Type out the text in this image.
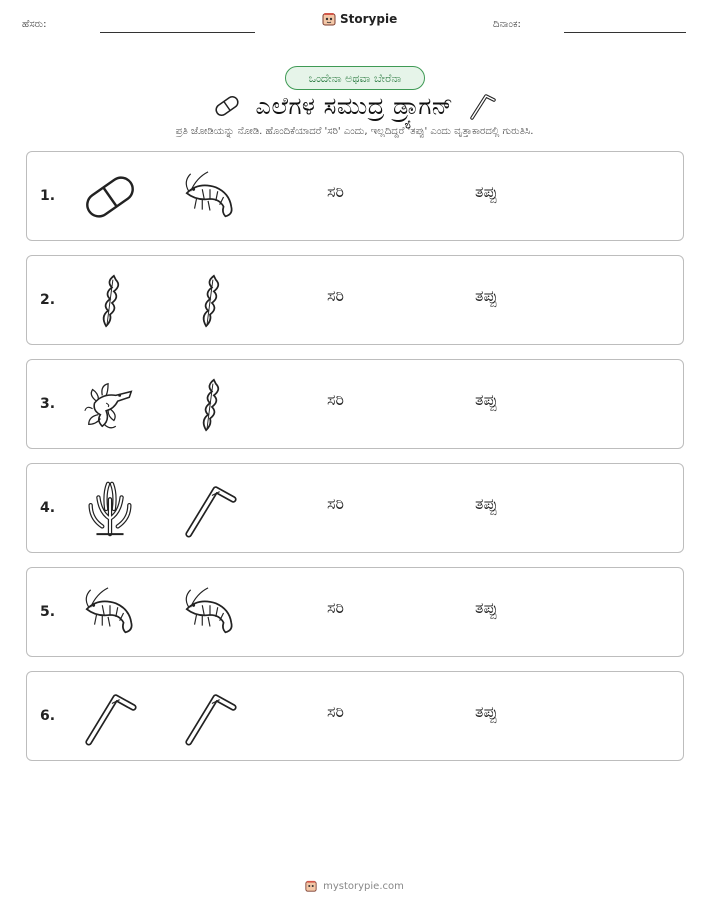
ಹೆಸರು:	Storypie	ದಿನಾಂಕ:
ಒಂದೇನಾ ಅಥವಾ ಬೇರೆನಾ
ಎಲೆಗಳ ಸಮುದ್ರ ಡ್ರ್ಯಾಗನ್
ಪ್ರತಿ ಜೋಡಿಯನ್ನು ನೋಡಿ. ಹೊಂದಿಕೆಯಾದರೆ 'ಸರಿ' ಎಂದು, ಇಲ್ಲದಿದ್ದರೆ 'ತಪ್ಪು' ಎಂದು ವೃತ್ತಾಕಾರದಲ್ಲಿ ಗುರುತಿಸಿ.
1.	ಸರಿ	ತಪ್ಪು
2.	ಸರಿ	ತಪ್ಪು
3.	ಸರಿ	ತಪ್ಪು
4.	ಸರಿ	ತಪ್ಪು
5.	ಸರಿ	ತಪ್ಪು
6.	ಸರಿ	ತಪ್ಪು
mystorypie.com
